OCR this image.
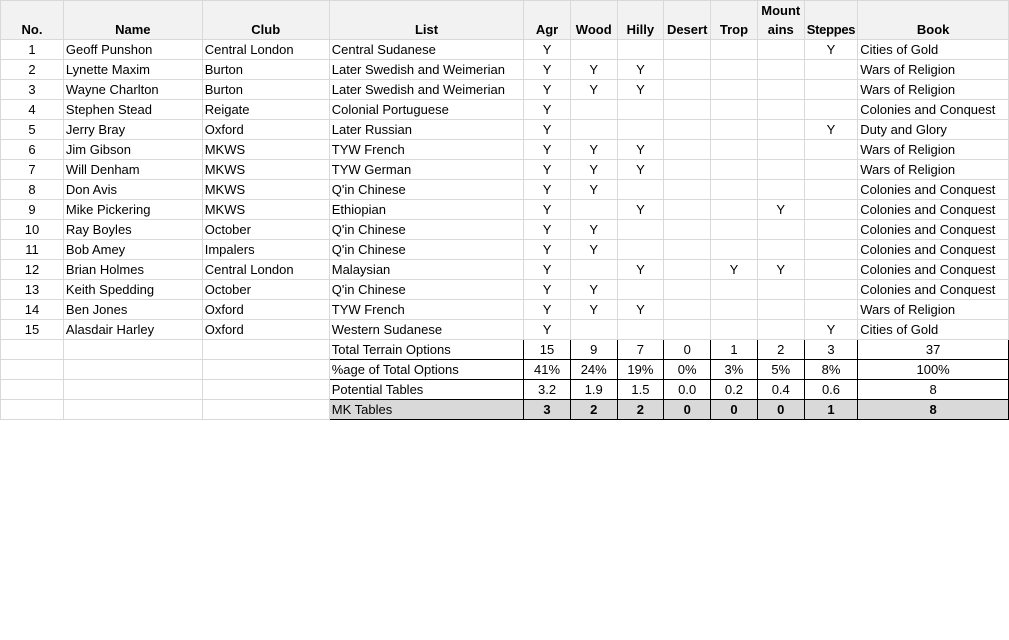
No.	Name	Club	List	Agr	Wood	Hilly	Desert	Trop	Mount ains	Steppes	Book
1	Geoff Punshon	Central London	Central Sudanese	Y						Y	Cities of Gold
2	Lynette Maxim	Burton	Later Swedish and Weimerian	Y	Y	Y					Wars of Religion
3	Wayne Charlton	Burton	Later Swedish and Weimerian	Y	Y	Y					Wars of Religion
4	Stephen Stead	Reigate	Colonial Portuguese	Y							Colonies and Conquest
5	Jerry Bray	Oxford	Later Russian	Y						Y	Duty and Glory
6	Jim Gibson	MKWS	TYW French	Y	Y	Y					Wars of Religion
7	Will Denham	MKWS	TYW German	Y	Y	Y					Wars of Religion
8	Don Avis	MKWS	Q'in Chinese	Y	Y						Colonies and Conquest
9	Mike Pickering	MKWS	Ethiopian	Y		Y			Y		Colonies and Conquest
10	Ray Boyles	October	Q'in Chinese	Y	Y						Colonies and Conquest
11	Bob Amey	Impalers	Q'in Chinese	Y	Y						Colonies and Conquest
12	Brian Holmes	Central London	Malaysian	Y		Y		Y	Y		Colonies and Conquest
13	Keith Spedding	October	Q'in Chinese	Y	Y						Colonies and Conquest
14	Ben Jones	Oxford	TYW French	Y	Y	Y					Wars of Religion
15	Alasdair Harley	Oxford	Western Sudanese	Y						Y	Cities of Gold
			Total Terrain Options	15	9	7	0	1	2	3	37
			%age of Total Options	41%	24%	19%	0%	3%	5%	8%	100%
			Potential Tables	3.2	1.9	1.5	0.0	0.2	0.4	0.6	8
			MK Tables	3	2	2	0	0	0	1	8
